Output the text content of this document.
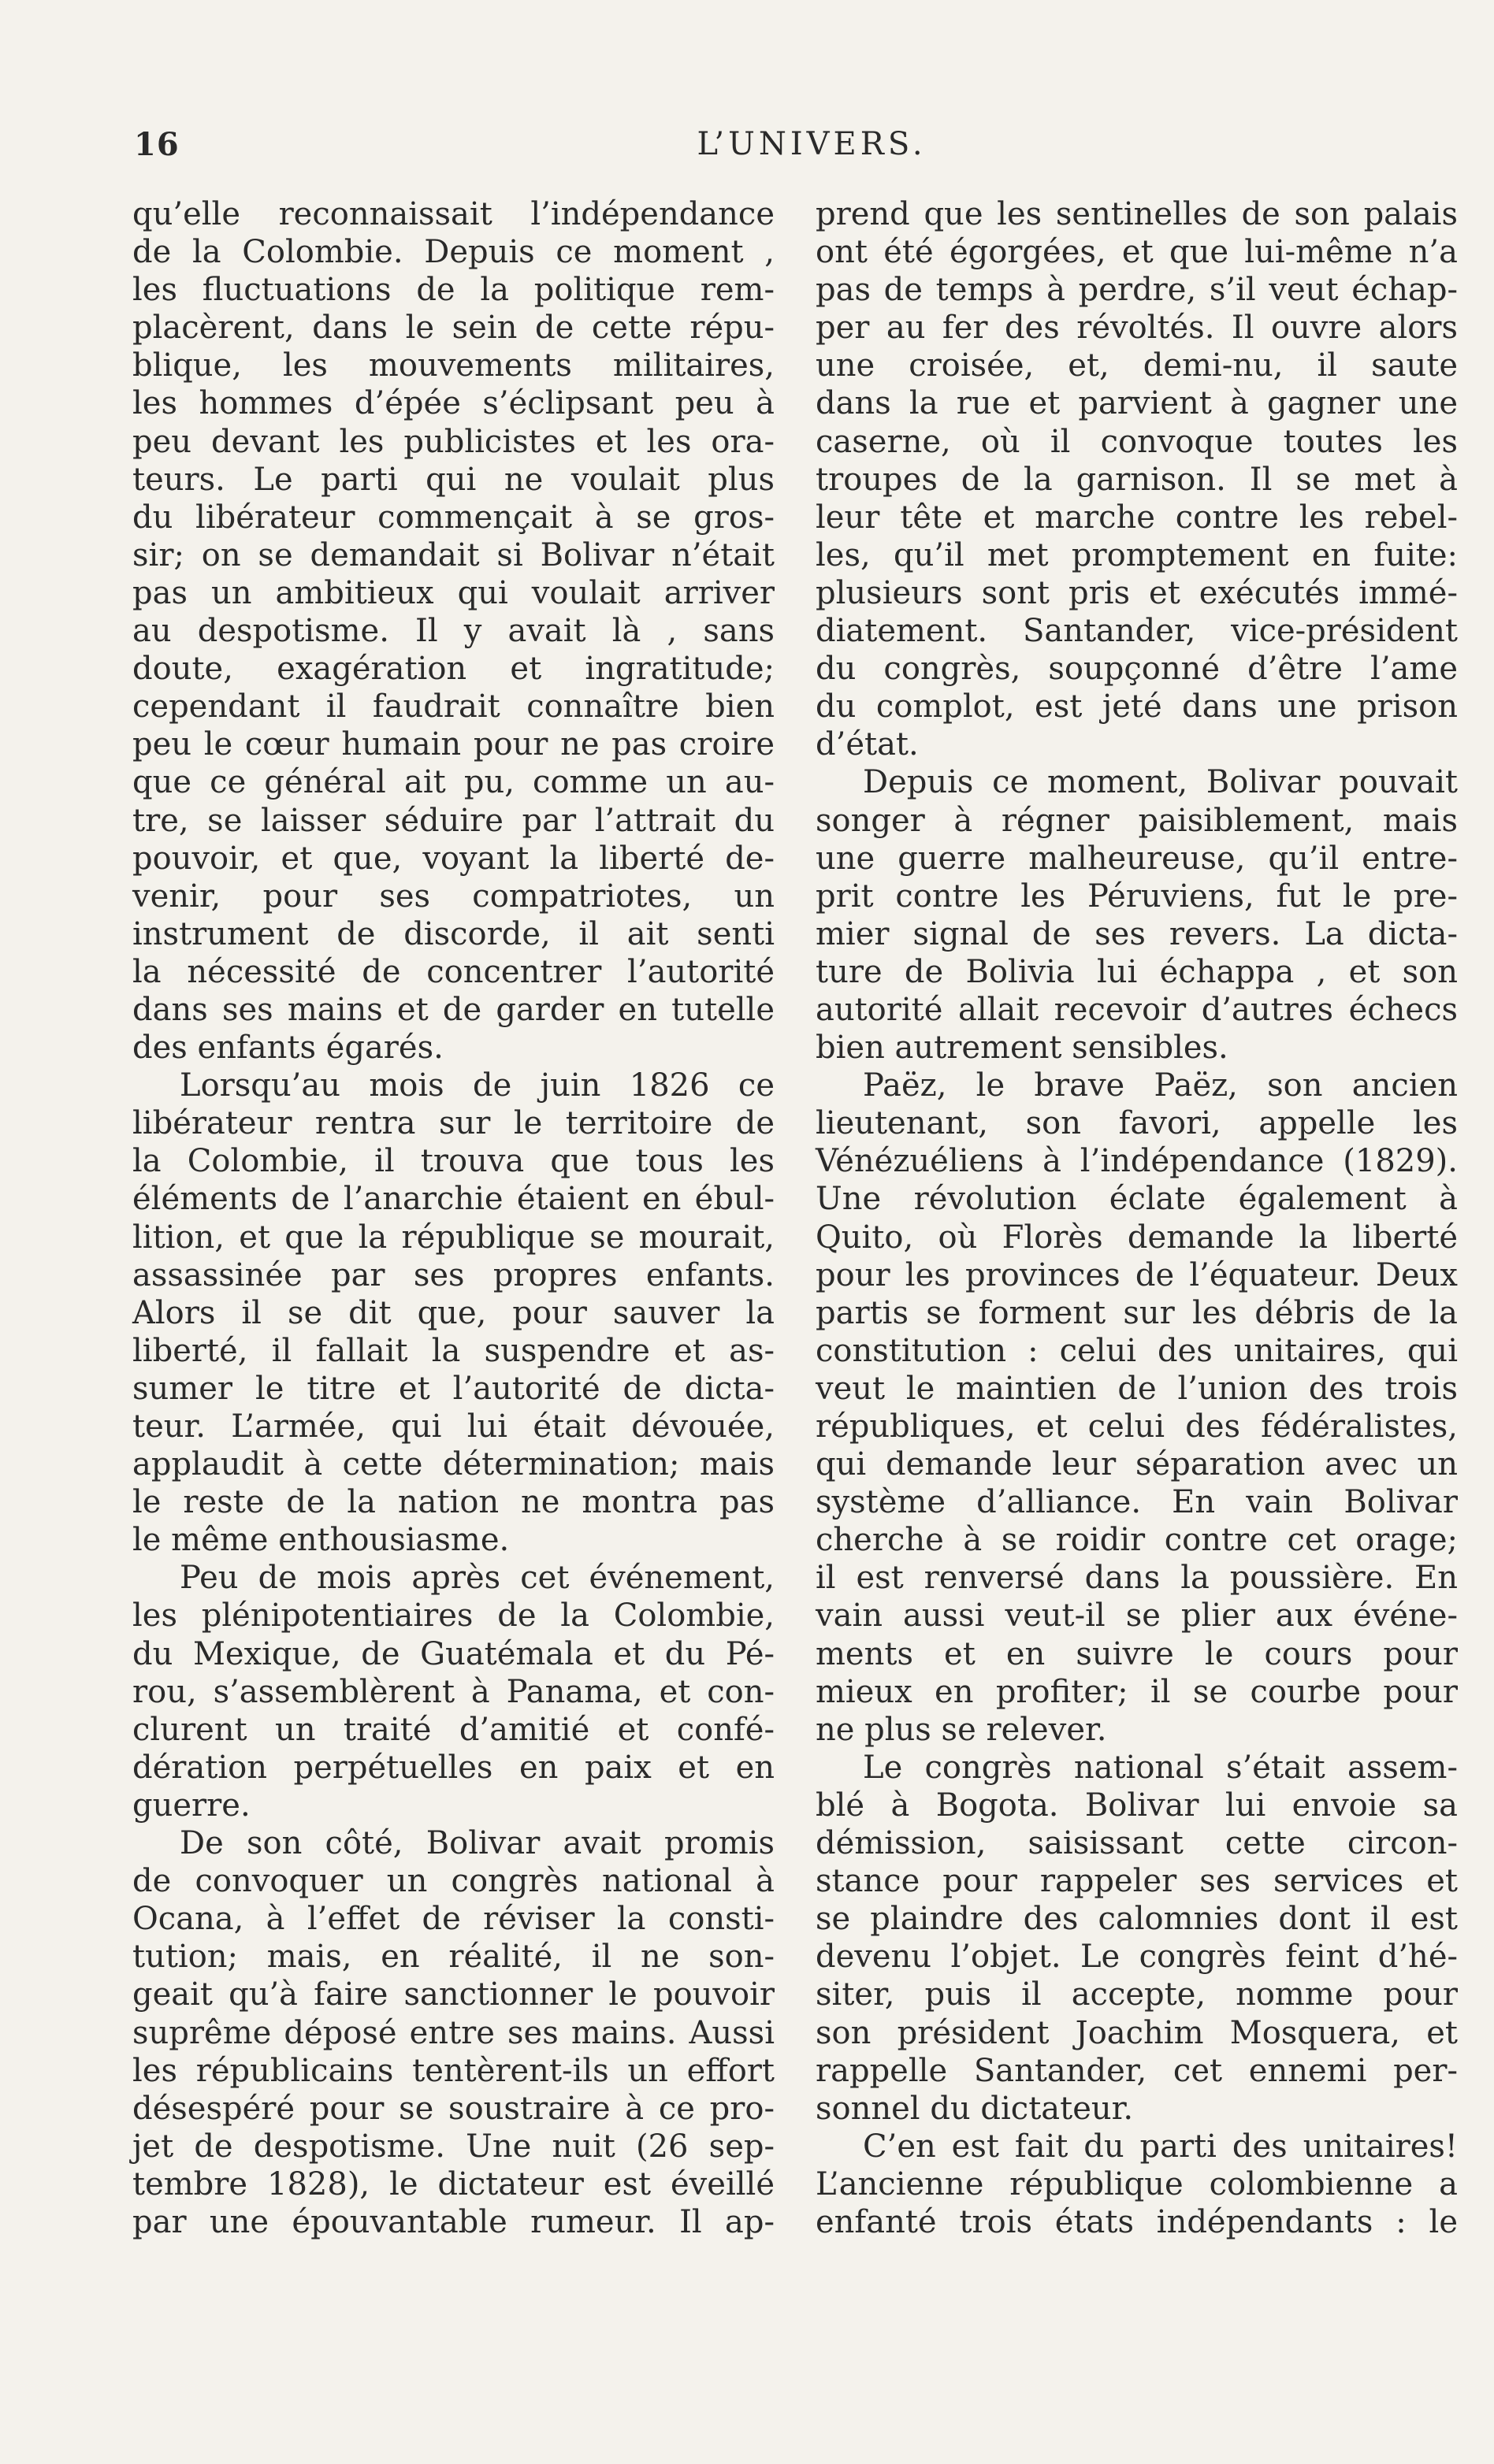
16	L’UNIVERS.
qu’elle reconnaissait l’indépendance
de la Colombie. Depuis ce moment ,
les fluctuations de la politique rem-
placèrent, dans le sein de cette répu-
blique, les mouvements militaires,
les hommes d’épée s’éclipsant peu à
peu devant les publicistes et les ora-
teurs. Le parti qui ne voulait plus
du libérateur commençait à se gros-
sir; on se demandait si Bolivar n’était
pas un ambitieux qui voulait arriver
au despotisme. Il y avait là , sans
doute, exagération et ingratitude;
cependant il faudrait connaître bien
peu le cœur humain pour ne pas croire
que ce général ait pu, comme un au-
tre, se laisser séduire par l’attrait du
pouvoir, et que, voyant la liberté de-
venir, pour ses compatriotes, un
instrument de discorde, il ait senti
la nécessité de concentrer l’autorité
dans ses mains et de garder en tutelle
des enfants égarés.
Lorsqu’au mois de juin 1826 ce
libérateur rentra sur le territoire de
la Colombie, il trouva que tous les
éléments de l’anarchie étaient en ébul-
lition, et que la république se mourait,
assassinée par ses propres enfants.
Alors il se dit que, pour sauver la
liberté, il fallait la suspendre et as-
sumer le titre et l’autorité de dicta-
teur. L’armée, qui lui était dévouée,
applaudit à cette détermination; mais
le reste de la nation ne montra pas
le même enthousiasme.
Peu de mois après cet événement,
les plénipotentiaires de la Colombie,
du Mexique, de Guatémala et du Pé-
rou, s’assemblèrent à Panama, et con-
clurent un traité d’amitié et confé-
dération perpétuelles en paix et en
guerre.
De son côté, Bolivar avait promis
de convoquer un congrès national à
Ocana, à l’effet de réviser la consti-
tution; mais, en réalité, il ne son-
geait qu’à faire sanctionner le pouvoir
suprême déposé entre ses mains. Aussi
les républicains tentèrent-ils un effort
désespéré pour se soustraire à ce pro-
jet de despotisme. Une nuit (26 sep-
tembre 1828), le dictateur est éveillé
par une épouvantable rumeur. Il ap-
prend que les sentinelles de son palais
ont été égorgées, et que lui-même n’a
pas de temps à perdre, s’il veut échap-
per au fer des révoltés. Il ouvre alors
une croisée, et, demi-nu, il saute
dans la rue et parvient à gagner une
caserne, où il convoque toutes les
troupes de la garnison. Il se met à
leur tête et marche contre les rebel-
les, qu’il met promptement en fuite:
plusieurs sont pris et exécutés immé-
diatement. Santander, vice-président
du congrès, soupçonné d’être l’ame
du complot, est jeté dans une prison
d’état.
Depuis ce moment, Bolivar pouvait
songer à régner paisiblement, mais
une guerre malheureuse, qu’il entre-
prit contre les Péruviens, fut le pre-
mier signal de ses revers. La dicta-
ture de Bolivia lui échappa , et son
autorité allait recevoir d’autres échecs
bien autrement sensibles.
Paëz, le brave Paëz, son ancien
lieutenant, son favori, appelle les
Vénézuéliens à l’indépendance (1829).
Une révolution éclate également à
Quito, où Florès demande la liberté
pour les provinces de l’équateur. Deux
partis se forment sur les débris de la
constitution : celui des unitaires, qui
veut le maintien de l’union des trois
républiques, et celui des fédéralistes,
qui demande leur séparation avec un
système d’alliance. En vain Bolivar
cherche à se roidir contre cet orage;
il est renversé dans la poussière. En
vain aussi veut-il se plier aux événe-
ments et en suivre le cours pour
mieux en profiter; il se courbe pour
ne plus se relever.
Le congrès national s’était assem-
blé à Bogota. Bolivar lui envoie sa
démission, saisissant cette circon-
stance pour rappeler ses services et
se plaindre des calomnies dont il est
devenu l’objet. Le congrès feint d’hé-
siter, puis il accepte, nomme pour
son président Joachim Mosquera, et
rappelle Santander, cet ennemi per-
sonnel du dictateur.
C’en est fait du parti des unitaires!
L’ancienne république colombienne a
enfanté trois états indépendants : le
